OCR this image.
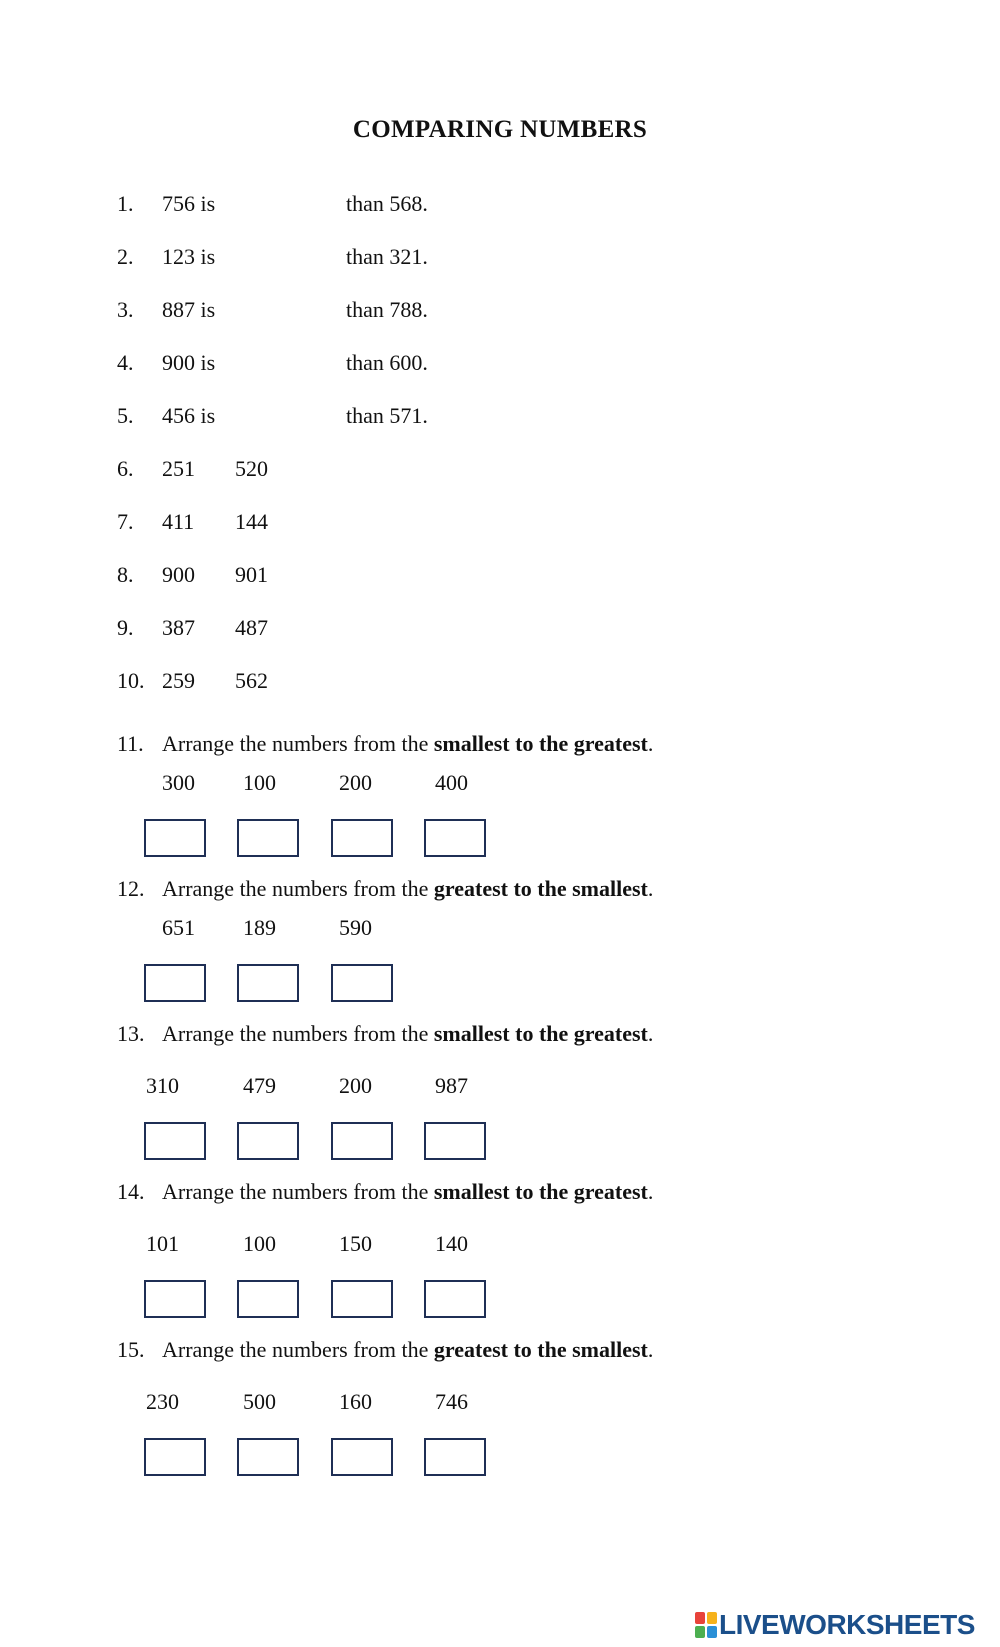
COMPARING NUMBERS
1. 756 is	than 568.
2. 123 is	than 321.
3. 887 is	than 788.
4. 900 is	than 600.
5. 456 is	than 571.
6. 251 520
7. 411 144
8. 900 901
9. 387 487
10. 259 562
11. Arrange the numbers from the smallest to the greatest.
300 100	200	400
12. Arrange the numbers from the greatest to the smallest.
651 189	590
13. Arrange the numbers from the smallest to the greatest.
310	479	200	987
14. Arrange the numbers from the smallest to the greatest.
101	100	150	140
15. Arrange the numbers from the greatest to the smallest.
230	500	160	746
LIVEWORKSHEETS
